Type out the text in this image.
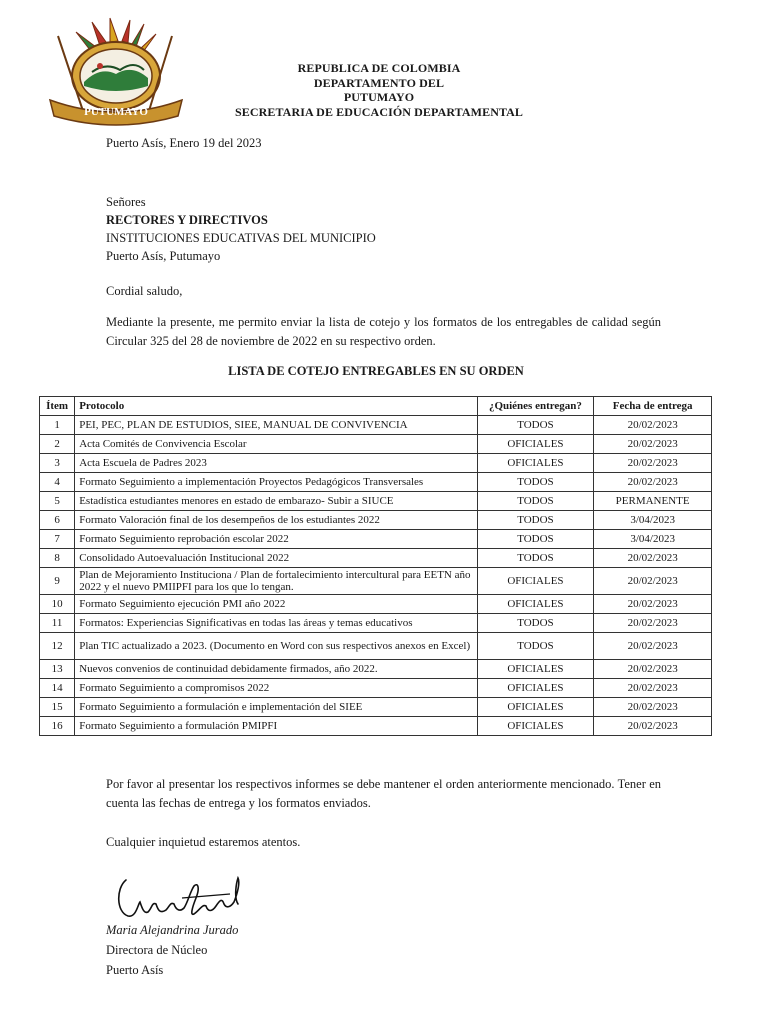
PUTUMAYO
REPUBLICA DE COLOMBIA
DEPARTAMENTO DEL
PUTUMAYO
SECRETARIA DE EDUCACIÓN DEPARTAMENTAL
Puerto Asís, Enero 19 del 2023
Señores
RECTORES Y DIRECTIVOS
INSTITUCIONES EDUCATIVAS DEL MUNICIPIO
Puerto Asís, Putumayo
Cordial saludo,
Mediante la presente, me permito enviar la lista de cotejo y los formatos de los entregables de calidad según Circular 325 del 28 de noviembre de 2022 en su respectivo orden.
LISTA DE COTEJO ENTREGABLES EN SU ORDEN
Ítem	Protocolo	¿Quiénes entregan?	Fecha de entrega
1	PEI, PEC, PLAN DE ESTUDIOS, SIEE, MANUAL DE CONVIVENCIA	TODOS	20/02/2023
2	Acta Comités de Convivencia Escolar	OFICIALES	20/02/2023
3	Acta Escuela de Padres 2023	OFICIALES	20/02/2023
4	Formato Seguimiento a implementación Proyectos Pedagógicos Transversales	TODOS	20/02/2023
5	Estadística estudiantes menores en estado de embarazo- Subir a SIUCE	TODOS	PERMANENTE
6	Formato Valoración final de los desempeños de los estudiantes 2022	TODOS	3/04/2023
7	Formato Seguimiento reprobación escolar 2022	TODOS	3/04/2023
8	Consolidado Autoevaluación Institucional 2022	TODOS	20/02/2023
9	Plan de Mejoramiento Instituciona / Plan de fortalecimiento intercultural para EETN año 2022 y el nuevo PMIIPFI para los que lo tengan.	OFICIALES	20/02/2023
10	Formato Seguimiento ejecución PMI año 2022	OFICIALES	20/02/2023
11	Formatos: Experiencias Significativas en todas las áreas y temas educativos	TODOS	20/02/2023
12	Plan TIC actualizado a 2023. (Documento en Word con sus respectivos anexos en Excel)	TODOS	20/02/2023
13	Nuevos convenios de continuidad debidamente firmados, año 2022.	OFICIALES	20/02/2023
14	Formato Seguimiento a compromisos 2022	OFICIALES	20/02/2023
15	Formato Seguimiento a formulación e implementación del SIEE	OFICIALES	20/02/2023
16	Formato Seguimiento a formulación PMIPFI	OFICIALES	20/02/2023
Por favor al presentar los respectivos informes se debe mantener el orden anteriormente mencionado. Tener en cuenta las fechas de entrega y los formatos enviados.
Cualquier inquietud estaremos atentos.
Maria Alejandrina Jurado
Directora de Núcleo
Puerto Asís
